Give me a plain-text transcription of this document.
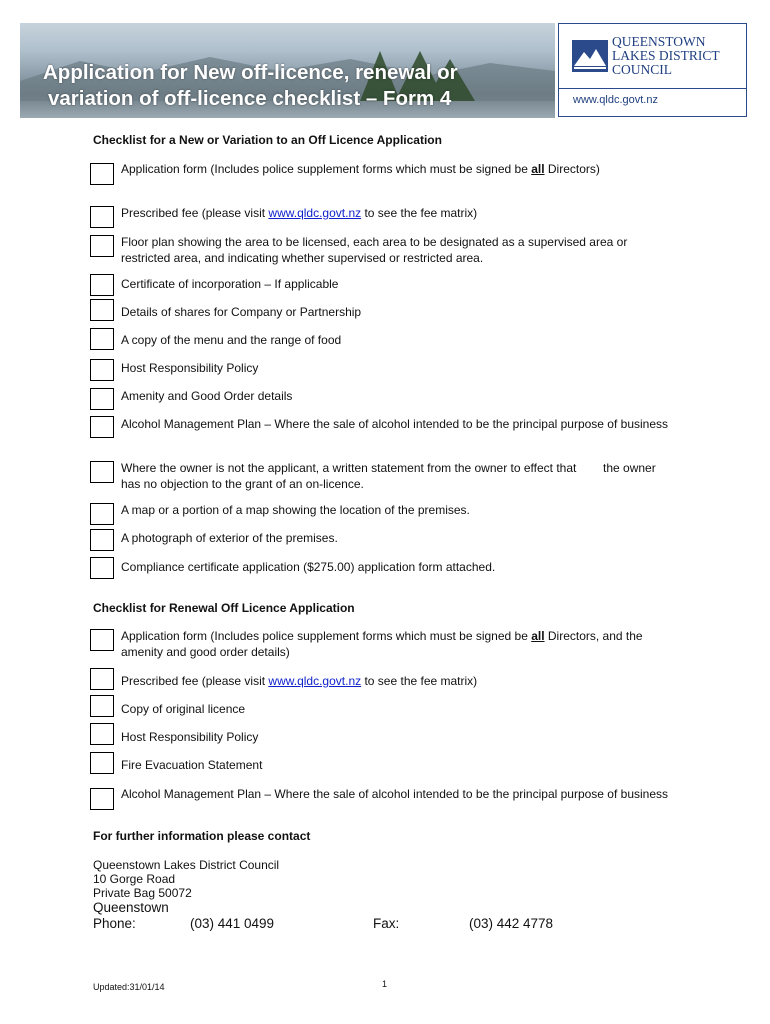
Application for New off-licence, renewal or
variation of off-licence checklist – Form 4
QUEENSTOWN
LAKES DISTRICT
COUNCIL
www.qldc.govt.nz
Checklist for a New or Variation to an Off Licence Application
Application form (Includes police supplement forms which must be signed be all Directors)
Prescribed fee (please visit www.qldc.govt.nz to see the fee matrix)
Floor plan showing the area to be licensed, each area to be designated as a supervised area or restricted area, and indicating whether supervised or restricted area.
Certificate of incorporation – If applicable
Details of shares for Company or Partnership
A copy of the menu and the range of food
Host Responsibility Policy
Amenity and Good Order details
Alcohol Management Plan – Where the sale of alcohol intended to be the principal purpose of business
Where the owner is not the applicant, a written statement from the owner to effect that        the owner has no objection to the grant of an on-licence.
A map or a portion of a map showing the location of the premises.
A photograph of exterior of the premises.
Compliance certificate application ($275.00) application form attached.
Checklist for Renewal Off Licence Application
Application form (Includes police supplement forms which must be signed be all Directors, and the amenity and good order details)
Prescribed fee (please visit www.qldc.govt.nz to see the fee matrix)
Copy of original licence
Host Responsibility Policy
Fire Evacuation Statement
Alcohol Management Plan – Where the sale of alcohol intended to be the principal purpose of business
For further information please contact
Queenstown Lakes District Council
10 Gorge Road
Private Bag 50072
Queenstown
Phone:	(03) 441 0499	Fax:	(03) 442 4778
Updated:31/01/14	1
